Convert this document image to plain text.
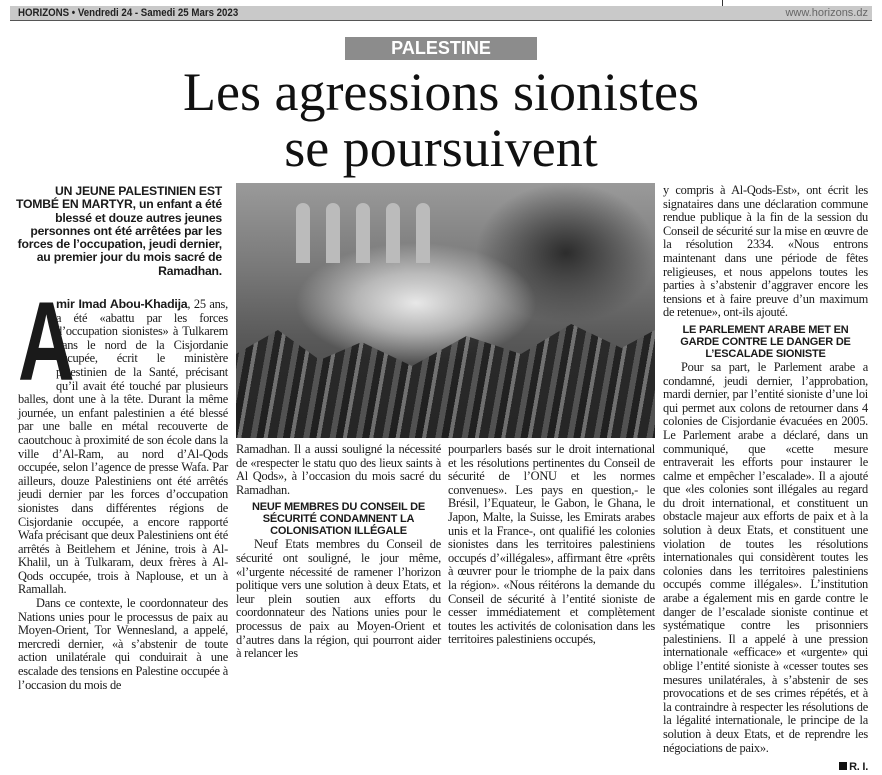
HORIZONS • Vendredi 24 - Samedi 25 Mars 2023	www.horizons.dz
PALESTINE
Les agressions sionistes
se poursuivent
UN JEUNE PALESTINIEN EST TOMBÉ EN MARTYR, un enfant a été blessé et douze autres jeunes personnes ont été arrêtées par les forces de l’occupation, jeudi dernier, au premier jour du mois sacré de Ramadhan.
A

mir Imad Abou-Khadija, 25 ans, a été «abattu par les forces d’occupation sionistes» à Tulkarem dans le nord de la Cisjordanie occupée, écrit le ministère palestinien de la Santé, précisant qu’il avait été touché par plusieurs balles, dont une à la tête. Durant la même journée, un enfant palestinien a été blessé par une balle en métal recouverte de caoutchouc à proximité de son école dans la ville d’Al-Ram, au nord d’Al-Qods occupée, selon l’agence de presse Wafa. Par ailleurs, douze Palestiniens ont été arrêtés jeudi dernier par les forces d’occupation sionistes dans différentes régions de Cisjordanie occupée, a encore rapporté Wafa précisant que deux Palestiniens ont été arrêtés à Beitlehem et Jénine, trois à Al-Khalil, un à Tulkaram, deux frères à Al-Qods occupée, trois à Naplouse, et un à Ramallah.

Dans ce contexte, le coordonnateur des Nations unies pour le processus de paix au Moyen-Orient, Tor Wennesland, a appelé, mercredi dernier, «à s’abstenir de toute action unilatérale qui conduirait à une escalade des tensions en Palestine occupée à l’occasion du mois de

Ramadhan. Il a aussi souligné la nécessité de «respecter le statu quo des lieux saints à Al Qods», à l’occasion du mois sacré du Ramadhan.

NEUF MEMBRES DU CONSEIL DE SÉCURITÉ CONDAMNENT LA COLONISATION ILLÉGALE

Neuf Etats membres du Conseil de sécurité ont souligné, le jour même, «l’urgente nécessité de ramener l’horizon politique vers une solution à deux Etats, et leur plein soutien aux efforts du coordonnateur des Nations unies pour le processus de paix au Moyen-Orient et d’autres dans la région, qui pourront aider à relancer les

pourparlers basés sur le droit international et les résolutions pertinentes du Conseil de sécurité de l’ONU et les normes convenues». Les pays en question,- le Brésil, l’Equateur, le Gabon, le Ghana, le Japon, Malte, la Suisse, les Emirats arabes unis et la France-, ont qualifié les colonies sionistes dans les territoires palestiniens occupés d’«illégales», affirmant être «prêts à œuvrer pour le triomphe de la paix dans la région». «Nous réitérons la demande du Conseil de sécurité à l’entité sioniste de cesser immédiatement et complètement toutes les activités de colonisation dans les territoires palestiniens occupés,

y compris à Al-Qods-Est», ont écrit les signataires dans une déclaration commune rendue publique à la fin de la session du Conseil de sécurité sur la mise en œuvre de la résolution 2334. «Nous entrons maintenant dans une période de fêtes religieuses, et nous appelons toutes les parties à s’abstenir d’aggraver encore les tensions et à faire preuve d’un maximum de retenue», ont-ils ajouté.

LE PARLEMENT ARABE MET EN GARDE CONTRE LE DANGER DE L’ESCALADE SIONISTE

Pour sa part, le Parlement arabe a condamné, jeudi dernier, l’approbation, mardi dernier, par l’entité sioniste d’une loi qui permet aux colons de retourner dans 4 colonies de Cisjordanie évacuées en 2005. Le Parlement arabe a déclaré, dans un communiqué, que «cette mesure entraverait les efforts pour instaurer le calme et empêcher l’escalade». Il a ajouté que «les colonies sont illégales au regard du droit international, et constituent un obstacle majeur aux efforts de paix et à la solution à deux Etats, et constituent une violation de toutes les résolutions internationales qui considèrent toutes les colonies dans les territoires palestiniens occupés comme illégales». L’institution arabe a également mis en garde contre le danger de l’escalade sioniste continue et systématique contre les prisonniers palestiniens. Il a appelé à une pression internationale «efficace» et «urgente» qui oblige l’entité sioniste à «cesser toutes ses mesures unilatérales, à s’abstenir de ses provocations et de ses crimes répétés, et à la contraindre à respecter les résolutions de la légalité internationale, le principe de la solution à deux Etats, et de reprendre les négociations de paix».

R. I.
